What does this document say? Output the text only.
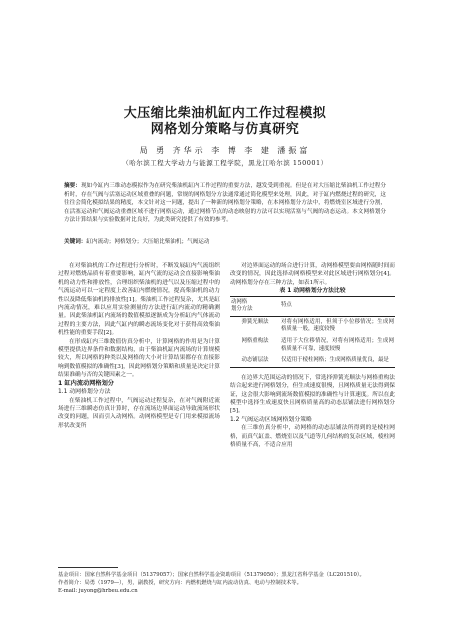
大压缩比柴油机缸内工作过程模拟
网格划分策略与仿真研究
局 勇 齐华示 李 博 李 建 潘振富
（哈尔滨工程大学动力与能源工程学院，黑龙江哈尔滨 150001）
摘要：现如今缸内三维动态模拟作为在研究柴油机缸内工作过程的重要方法，越发受到重视。但是在对大压缩比柴油机工作过程分析时，存在气阀与活塞运动区域重叠的问题，常规的网格划分方法通常通过简化模型来处理，因此，对于缸内燃烧过程的研究，这往往会简化模拟结果的精度，本文针对这一问题，提出了一种新的网格划分策略，在本网格划分方法中，将燃烧室区域进行分割，在活塞运动和气阀运动重叠区域不进行网格运动，通过网格节点的动态映射的方法可以实现活塞与气阀的动态运动。本文网格划分方法计算结果与实验数据对比良好，为此类研究提供了有效的参考。
关键词：缸内流动；网格划分；大压缩比柴油机；气阀运动

在对柴油机的工作过程进行分析时，不断发展缸内气流组织过程对燃烧品质有着重要影响，缸内气流的运动会直接影响柴油机的动力性和排放性，合理组织柴油机的进气以及压缩过程中的气流运动可以一定程度上改善缸内燃烧情况，提高柴油机的动力性以及降低柴油机的排放性[1]。柴油机工作过程复杂，尤其是缸内流动情况，难以应用实验测量的方法进行缸内流动的精确测量。因此柴油机缸内流场的数值模拟逐渐成为分析缸内气体流动过程的主要方法，因此气缸内的瞬态流场变化对于获得高效柴油机性能的重要手段[2]。

在形成缸内三维数值仿真分析中，计算网格的作用是为计算模型提供边界条件和数据结构，由于柴油机缸内流场的计算规模较大，所以网格的种类以及网格的大小对计算结果都存在直接影响到数值模拟的准确性[3]，因此网格划分策略和质量是决定计算结果准确与否的关键因素之一。

1 缸内流动网格划分

1.1 动网格划分方法

在柴油机工作过程中，气阀运动过程复杂，在对气阀附近流场进行三维瞬态仿真计算时，存在流场边界面运动导致流场形状改变的问题，因而引入动网格。动网格模型是专门用来模拟流场形状改变所

对边界面运动的场合进行计算，动网格模型要由网格随时间而改变的情况，因此选择动网格模型来对此区域进行网格划分[4]。动网格划分存在三种方法，如表1所示。

表 1 动网格划分方法比较

动网格
划分方法	特点
弹簧光顺法	对将有网格适用，但须于小位移情况；生成网格质量一般，速度较慢
网格重构法	适用于大位移情况，对将有网格适用；生成网格质量不可靠，速度较慢
动态铺层法	仅适用于棱柱网格；生成网格质量优良，最是

在边界大范围运动的情况下，常选择弹簧光顺法与网格重构法结合起来进行网格划分，但生成速度很慢，且网格质量无法得到保证，这会很大影响到流场数值模拟的准确性与计算速度。所以在此模型中选择生成速度快且网格质量高的动态层铺法进行网格划分[5]。

1.2 气阀运动区域网格划分策略

在三维仿真分析中，动网格的动态层铺法所得到的是棱柱网格，而真气缸盖、燃烧室以及气道等几何结构的复杂区域，棱柱网格质量不高，不适合应用

基金项目：国家自然科学基金项目（51379057）；国家自然科学基金资助项目（51379050）；黑龙江省科学基金（LC201510）。

作者简介：局勇（1979—），男，副教授，研究方向：内燃机燃烧与缸内流动仿真、电动与控制技术等。

E-mail: juyong@hrbeu.edu.cn
